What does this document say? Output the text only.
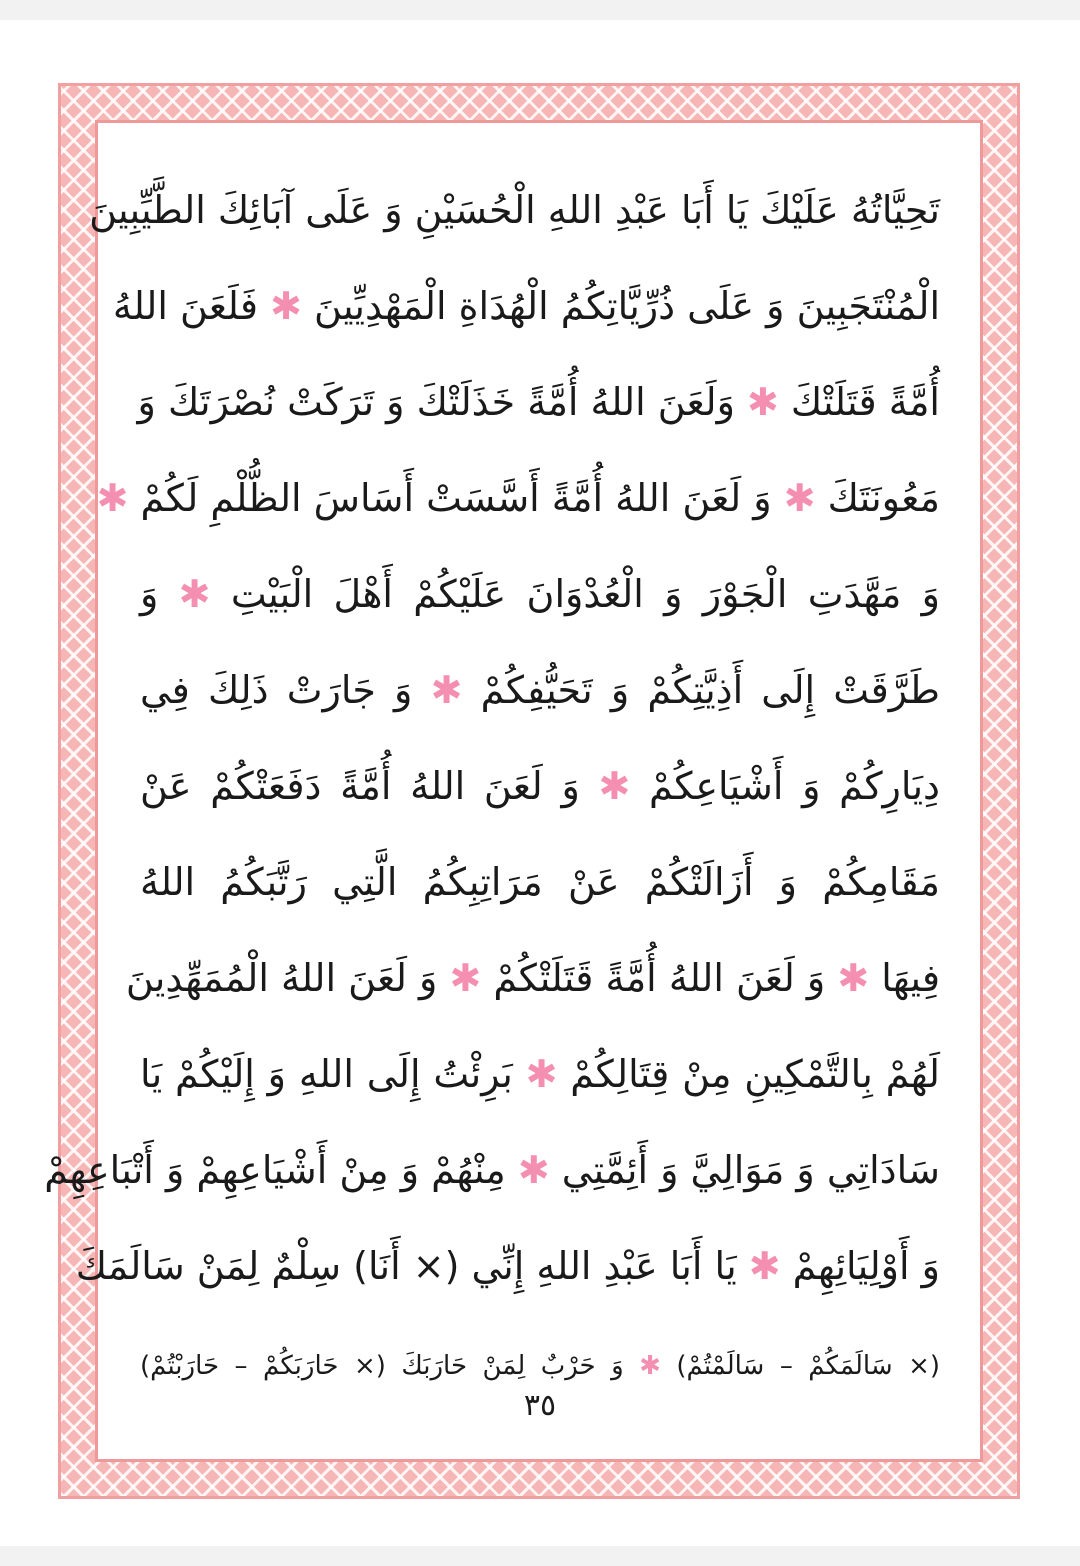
تَحِيَّاتُهُ عَلَيْكَ يَا أَبَا عَبْدِ اللهِ الْحُسَيْنِ وَ عَلَى آبَائِكَ الطَّيِّبِينَ
الْمُنْتَجَبِينَ وَ عَلَى ذُرِّيَّاتِكُمُ الْهُدَاةِ الْمَهْدِيِّينَ ✱ فَلَعَنَ اللهُ
أُمَّةً قَتَلَتْكَ ✱ وَلَعَنَ اللهُ أُمَّةً خَذَلَتْكَ وَ تَرَكَتْ نُصْرَتَكَ وَ
مَعُونَتَكَ ✱ وَ لَعَنَ اللهُ أُمَّةً أَسَّسَتْ أَسَاسَ الظُّلْمِ لَكُمْ ✱
وَ مَهَّدَتِ الْجَوْرَ وَ الْعُدْوَانَ عَلَيْكُمْ أَهْلَ الْبَيْتِ ✱ وَ
طَرَّقَتْ إِلَى أَذِيَّتِكُمْ وَ تَحَيُّفِكُمْ ✱ وَ جَارَتْ ذَلِكَ فِي
دِيَارِكُمْ وَ أَشْيَاعِكُمْ ✱ وَ لَعَنَ اللهُ أُمَّةً دَفَعَتْكُمْ عَنْ
مَقَامِكُمْ وَ أَزَالَتْكُمْ عَنْ مَرَاتِبِكُمُ الَّتِي رَتَّبَكُمُ اللهُ
فِيهَا ✱ وَ لَعَنَ اللهُ أُمَّةً قَتَلَتْكُمْ ✱ وَ لَعَنَ اللهُ الْمُمَهِّدِينَ
لَهُمْ بِالتَّمْكِينِ مِنْ قِتَالِكُمْ ✱ بَرِئْتُ إِلَى اللهِ وَ إِلَيْكُمْ يَا
سَادَاتِي وَ مَوَالِيَّ وَ أَئِمَّتِي ✱ مِنْهُمْ وَ مِنْ أَشْيَاعِهِمْ وَ أَتْبَاعِهِمْ
وَ أَوْلِيَائِهِمْ ✱ يَا أَبَا عَبْدِ اللهِ إِنِّي (× أَنَا) سِلْمٌ لِمَنْ سَالَمَكَ
(× سَالَمَكُمْ – سَالَمْتُمْ) ✱ وَ حَرْبٌ لِمَنْ حَارَبَكَ (× حَارَبَكُمْ – حَارَبْتُمْ)
٣٥
